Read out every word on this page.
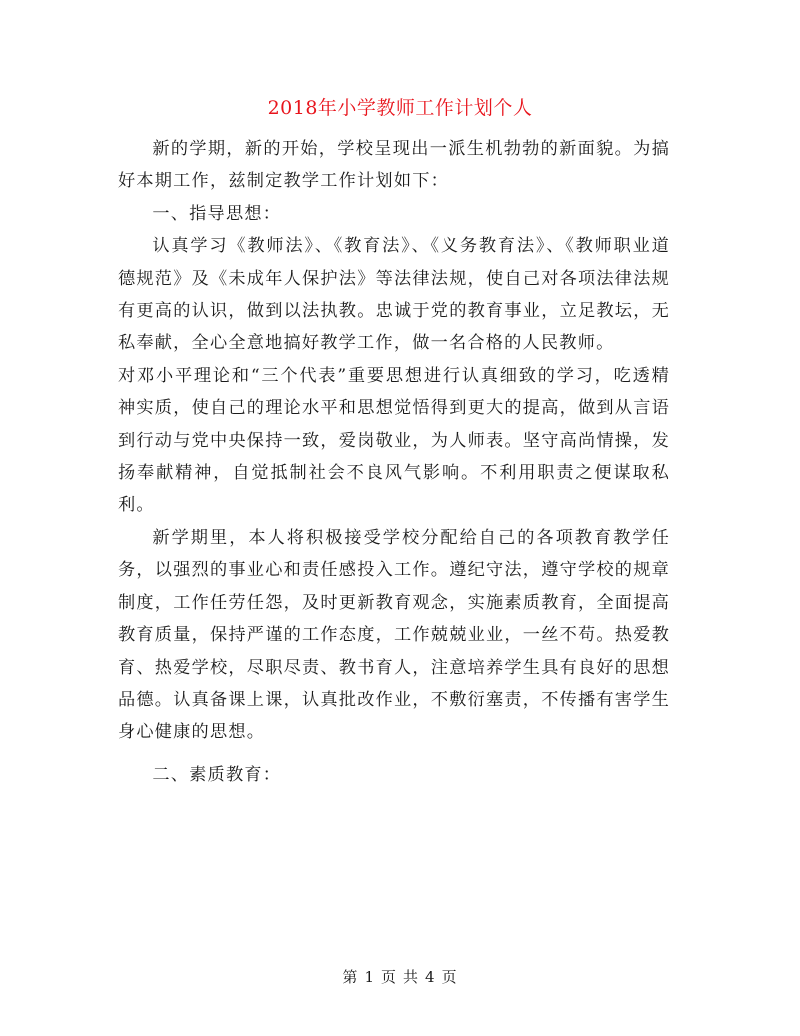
2018年小学教师工作计划个人

新的学期，新的开始，学校呈现出一派生机勃勃的新面貌。为搞好本期工作，兹制定教学工作计划如下：

一、指导思想：

认真学习《教师法》、《教育法》、《义务教育法》、《教师职业道德规范》及《未成年人保护法》等法律法规，使自己对各项法律法规有更高的认识，做到以法执教。忠诚于党的教育事业，立足教坛，无私奉献，全心全意地搞好教学工作，做一名合格的人民教师。

对邓小平理论和“三个代表”重要思想进行认真细致的学习，吃透精神实质，使自己的理论水平和思想觉悟得到更大的提高，做到从言语到行动与党中央保持一致，爱岗敬业，为人师表。坚守高尚情操，发扬奉献精神，自觉抵制社会不良风气影响。不利用职责之便谋取私利。

新学期里，本人将积极接受学校分配给自己的各项教育教学任务，以强烈的事业心和责任感投入工作。遵纪守法，遵守学校的规章制度，工作任劳任怨，及时更新教育观念，实施素质教育，全面提高教育质量，保持严谨的工作态度，工作兢兢业业，一丝不苟。热爱教育、热爱学校，尽职尽责、教书育人，注意培养学生具有良好的思想品德。认真备课上课，认真批改作业，不敷衍塞责，不传播有害学生身心健康的思想。

二、素质教育：

第 1 页 共 4 页
